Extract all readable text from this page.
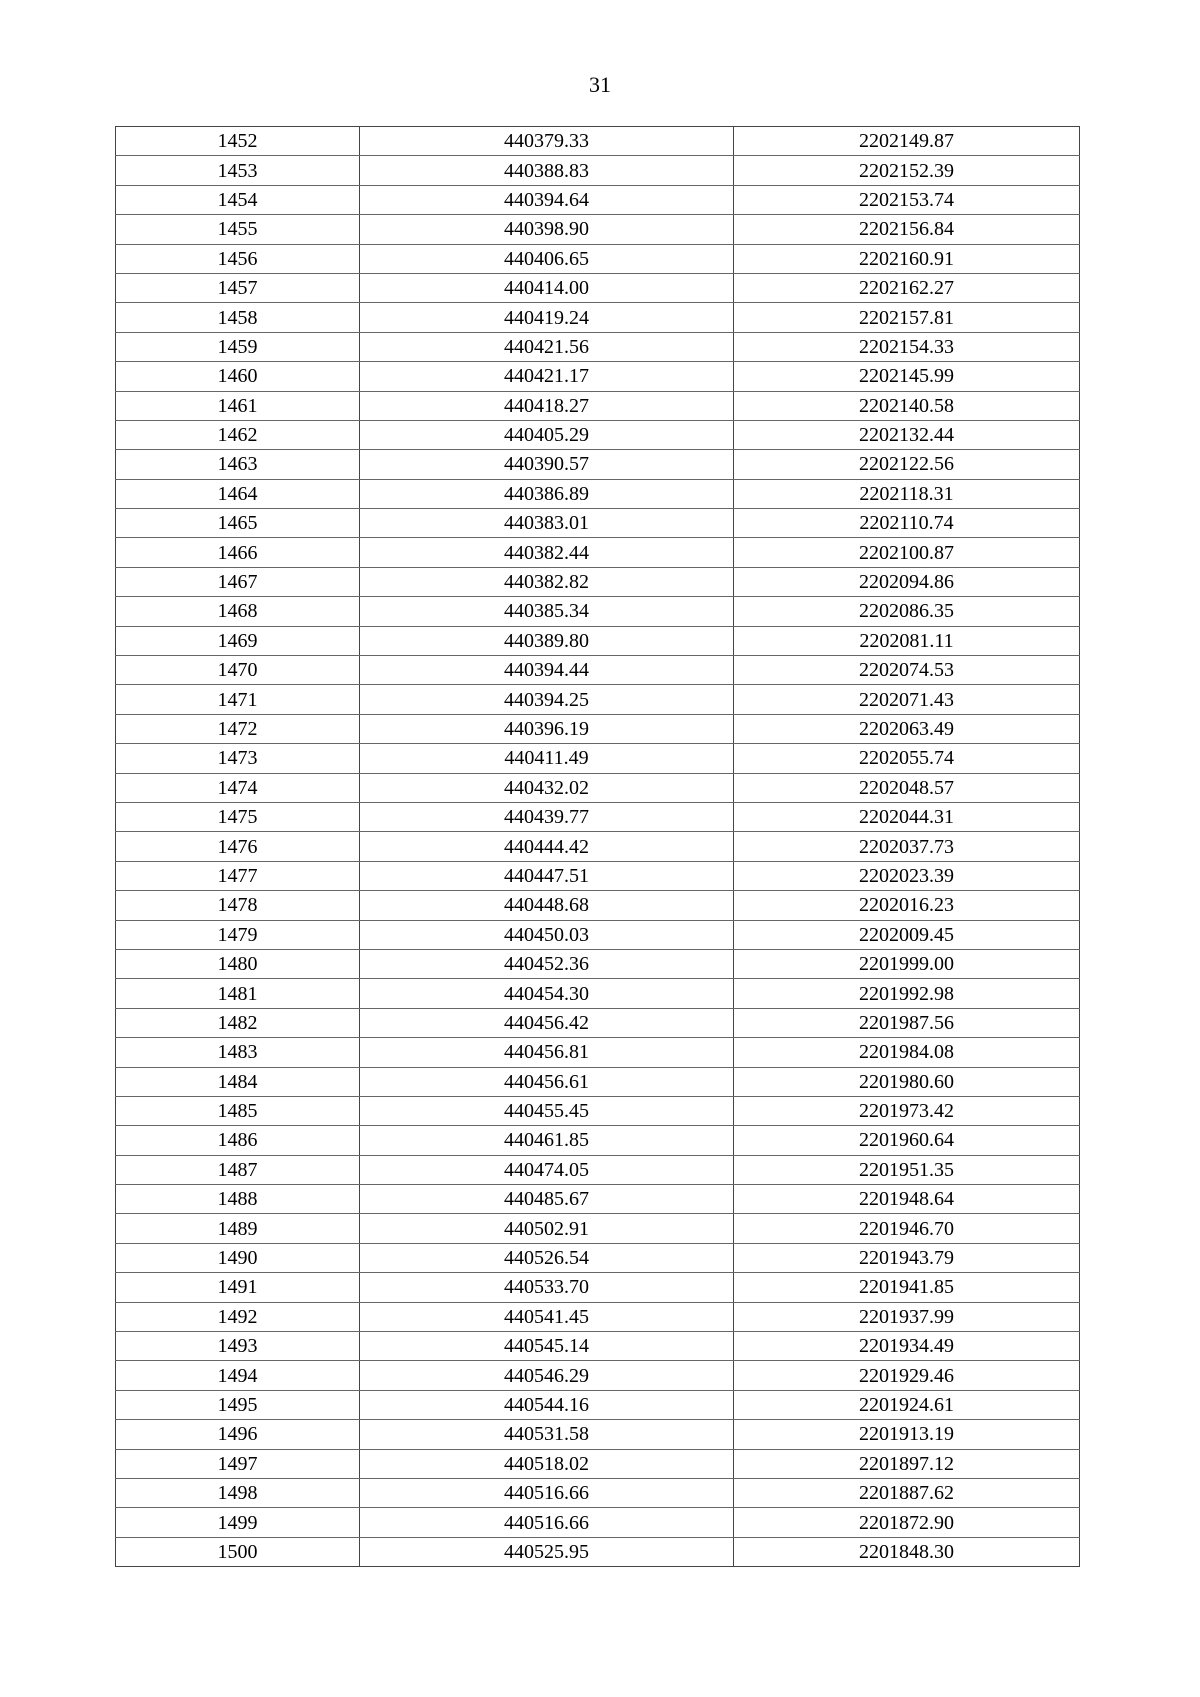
31
1452	440379.33	2202149.87
1453	440388.83	2202152.39
1454	440394.64	2202153.74
1455	440398.90	2202156.84
1456	440406.65	2202160.91
1457	440414.00	2202162.27
1458	440419.24	2202157.81
1459	440421.56	2202154.33
1460	440421.17	2202145.99
1461	440418.27	2202140.58
1462	440405.29	2202132.44
1463	440390.57	2202122.56
1464	440386.89	2202118.31
1465	440383.01	2202110.74
1466	440382.44	2202100.87
1467	440382.82	2202094.86
1468	440385.34	2202086.35
1469	440389.80	2202081.11
1470	440394.44	2202074.53
1471	440394.25	2202071.43
1472	440396.19	2202063.49
1473	440411.49	2202055.74
1474	440432.02	2202048.57
1475	440439.77	2202044.31
1476	440444.42	2202037.73
1477	440447.51	2202023.39
1478	440448.68	2202016.23
1479	440450.03	2202009.45
1480	440452.36	2201999.00
1481	440454.30	2201992.98
1482	440456.42	2201987.56
1483	440456.81	2201984.08
1484	440456.61	2201980.60
1485	440455.45	2201973.42
1486	440461.85	2201960.64
1487	440474.05	2201951.35
1488	440485.67	2201948.64
1489	440502.91	2201946.70
1490	440526.54	2201943.79
1491	440533.70	2201941.85
1492	440541.45	2201937.99
1493	440545.14	2201934.49
1494	440546.29	2201929.46
1495	440544.16	2201924.61
1496	440531.58	2201913.19
1497	440518.02	2201897.12
1498	440516.66	2201887.62
1499	440516.66	2201872.90
1500	440525.95	2201848.30
